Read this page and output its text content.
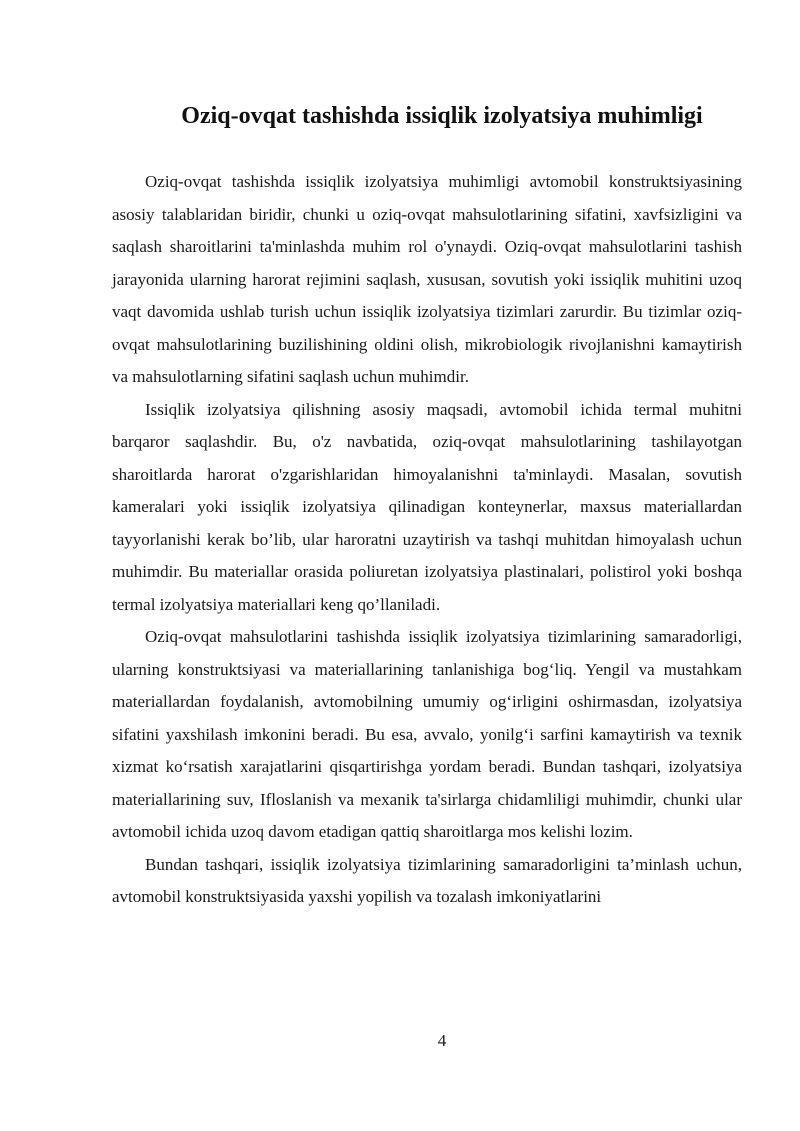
Oziq-ovqat tashishda issiqlik izolyatsiya muhimligi

Oziq-ovqat tashishda issiqlik izolyatsiya muhimligi avtomobil konstruktsiyasining asosiy talablaridan biridir, chunki u oziq-ovqat mahsulotlarining sifatini, xavfsizligini va saqlash sharoitlarini ta'minlashda muhim rol o'ynaydi. Oziq-ovqat mahsulotlarini tashish jarayonida ularning harorat rejimini saqlash, xususan, sovutish yoki issiqlik muhitini uzoq vaqt davomida ushlab turish uchun issiqlik izolyatsiya tizimlari zarurdir. Bu tizimlar oziq-ovqat mahsulotlarining buzilishining oldini olish, mikrobiologik rivojlanishni kamaytirish va mahsulotlarning sifatini saqlash uchun muhimdir.

Issiqlik izolyatsiya qilishning asosiy maqsadi, avtomobil ichida termal muhitni barqaror saqlashdir. Bu, o'z navbatida, oziq-ovqat mahsulotlarining tashilayotgan sharoitlarda harorat o'zgarishlaridan himoyalanishni ta'minlaydi. Masalan, sovutish kameralari yoki issiqlik izolyatsiya qilinadigan konteynerlar, maxsus materiallardan tayyorlanishi kerak bo’lib, ular haroratni uzaytirish va tashqi muhitdan himoyalash uchun muhimdir. Bu materiallar orasida poliuretan izolyatsiya plastinalari, polistirol yoki boshqa termal izolyatsiya materiallari keng qo’llaniladi.

Oziq-ovqat mahsulotlarini tashishda issiqlik izolyatsiya tizimlarining samaradorligi, ularning konstruktsiyasi va materiallarining tanlanishiga bog‘liq. Yengil va mustahkam materiallardan foydalanish, avtomobilning umumiy og‘irligini oshirmasdan, izolyatsiya sifatini yaxshilash imkonini beradi. Bu esa, avvalo, yonilg‘i sarfini kamaytirish va texnik xizmat ko‘rsatish xarajatlarini qisqartirishga yordam beradi. Bundan tashqari, izolyatsiya materiallarining suv, Ifloslanish va mexanik ta'sirlarga chidamliligi muhimdir, chunki ular avtomobil ichida uzoq davom etadigan qattiq sharoitlarga mos kelishi lozim.

Bundan tashqari, issiqlik izolyatsiya tizimlarining samaradorligini ta’minlash uchun, avtomobil konstruktsiyasida yaxshi yopilish va tozalash imkoniyatlarini

4
